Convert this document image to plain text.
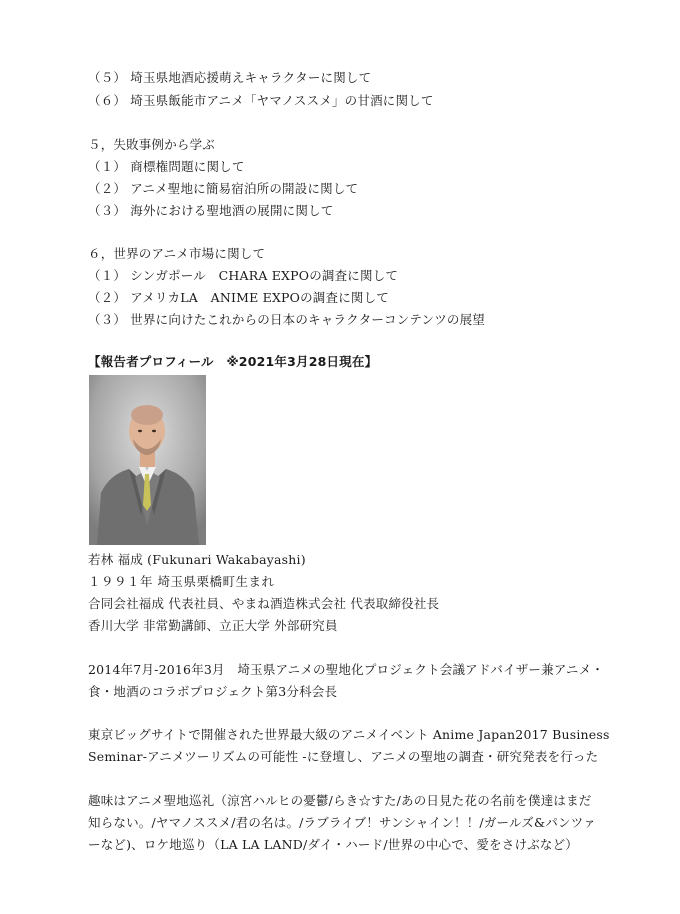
（５） 埼玉県地酒応援萌えキャラクターに関して
（６） 埼玉県飯能市アニメ「ヤマノススメ」の甘酒に関して
５，失敗事例から学ぶ
（１） 商標権問題に関して
（２） アニメ聖地に簡易宿泊所の開設に関して
（３） 海外における聖地酒の展開に関して
６，世界のアニメ市場に関して
（１） シンガポール　CHARA EXPOの調査に関して
（２） アメリカLA　ANIME EXPOの調査に関して
（３） 世界に向けたこれからの日本のキャラクターコンテンツの展望
【報告者プロフィール　※2021年3月28日現在】
若林 福成 (Fukunari Wakabayashi)
１９９１年 埼玉県栗橋町生まれ
合同会社福成 代表社員、やまね酒造株式会社 代表取締役社長
香川大学 非常勤講師、立正大学 外部研究員
2014年7月-2016年3月　埼玉県アニメの聖地化プロジェクト会議アドバイザー兼アニメ・
食・地酒のコラボプロジェクト第3分科会長
東京ビッグサイトで開催された世界最大級のアニメイベント Anime Japan2017 Business
Seminar-アニメツーリズムの可能性 -に登壇し、アニメの聖地の調査・研究発表を行った
趣味はアニメ聖地巡礼（涼宮ハルヒの憂鬱/らき☆すた/あの日見た花の名前を僕達はまだ
知らない。/ヤマノススメ/君の名は。/ラブライブ！サンシャイン！！/ガールズ&パンツァ
ーなど)、ロケ地巡り（LA LA LAND/ダイ・ハード/世界の中心で、愛をさけぶなど）
